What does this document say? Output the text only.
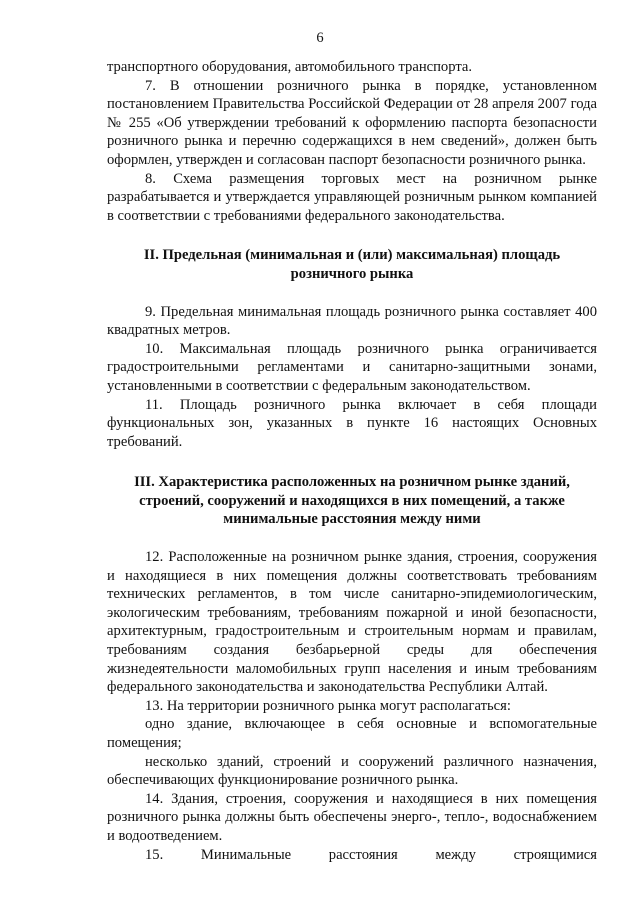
6

транспортного оборудования, автомобильного транспорта.

7. В отношении розничного рынка в порядке, установленном постановлением Правительства Российской Федерации от 28 апреля 2007 года № 255 «Об утверждении требований к оформлению паспорта безопасности розничного рынка и перечню содержащихся в нем сведений», должен быть оформлен, утвержден и согласован паспорт безопасности розничного рынка.

8. Схема размещения торговых мест на розничном рынке разрабатывается и утверждается управляющей розничным рынком компанией в соответствии с требованиями федерального законодательства.

II. Предельная (минимальная и (или) максимальная) площадь
розничного рынка

9. Предельная минимальная площадь розничного рынка составляет 400 квадратных метров.

10. Максимальная площадь розничного рынка ограничивается градостроительными регламентами и санитарно-защитными зонами, установленными в соответствии с федеральным законодательством.

11. Площадь розничного рынка включает в себя площади функциональных зон, указанных в пункте 16 настоящих Основных требований.

III. Характеристика расположенных на розничном рынке зданий,
строений, сооружений и находящихся в них помещений, а также
минимальные расстояния между ними

12. Расположенные на розничном рынке здания, строения, сооружения и находящиеся в них помещения должны соответствовать требованиям технических регламентов, в том числе санитарно-эпидемиологическим, экологическим требованиям, требованиям пожарной и иной безопасности, архитектурным, градостроительным и строительным нормам и правилам, требованиям создания безбарьерной среды для обеспечения жизнедеятельности маломобильных групп населения и иным требованиям федерального законодательства и законодательства Республики Алтай.

13. На территории розничного рынка могут располагаться:

одно здание, включающее в себя основные и вспомогательные помещения;

несколько зданий, строений и сооружений различного назначения, обеспечивающих функционирование розничного рынка.

14. Здания, строения, сооружения и находящиеся в них помещения розничного рынка должны быть обеспечены энерго-, тепло-, водоснабжением и водоотведением.

15. Минимальные расстояния между строящимися
